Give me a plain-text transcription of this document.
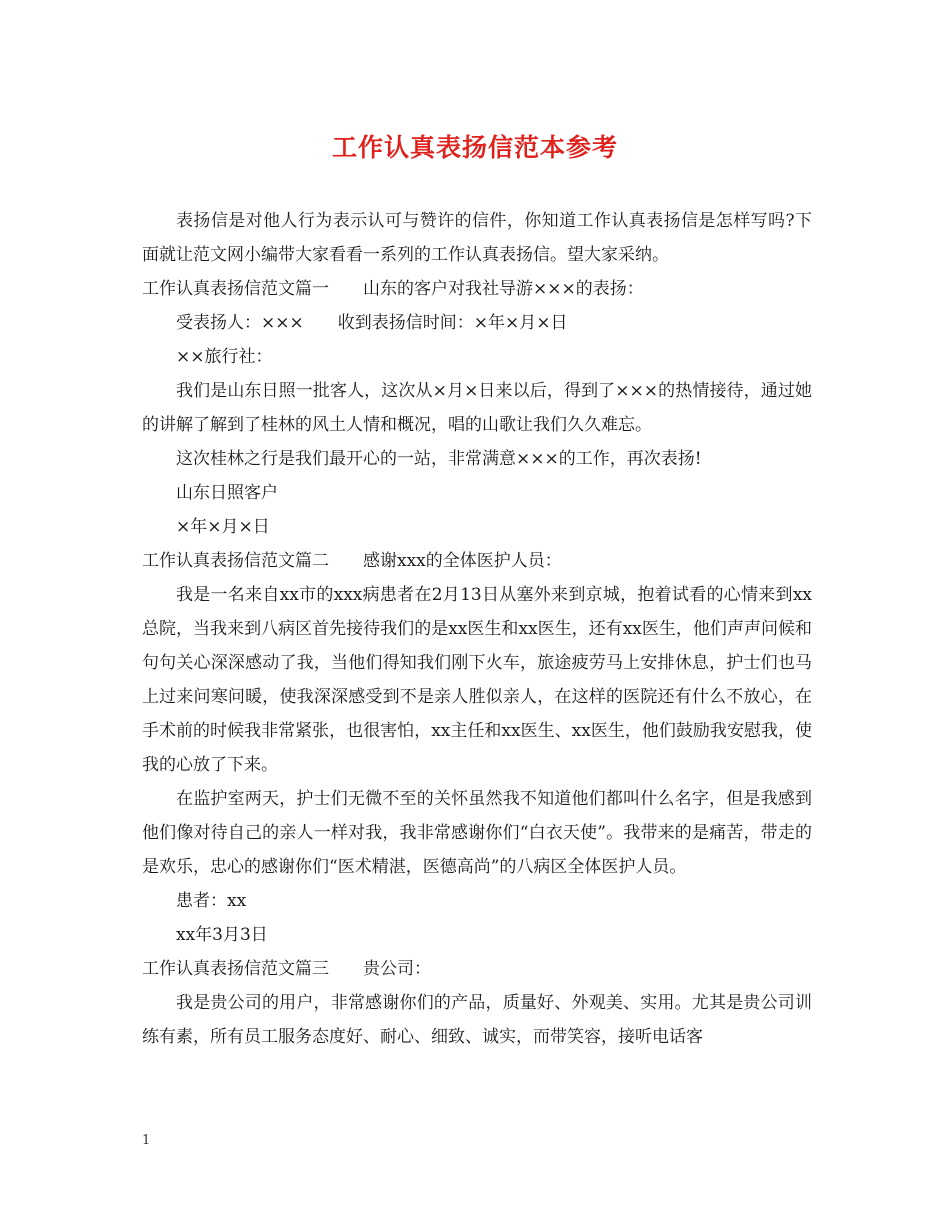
工作认真表扬信范本参考

表扬信是对他人行为表示认可与赞许的信件，你知道工作认真表扬信是怎样写吗?下面就让范文网小编带大家看看一系列的工作认真表扬信。望大家采纳。

工作认真表扬信范文篇一　　山东的客户对我社导游×××的表扬：

受表扬人：×××　　收到表扬信时间：×年×月×日

××旅行社：

我们是山东日照一批客人，这次从×月×日来以后，得到了×××的热情接待，通过她的讲解了解到了桂林的风土人情和概况，唱的山歌让我们久久难忘。

这次桂林之行是我们最开心的一站，非常满意×××的工作，再次表扬!

山东日照客户

×年×月×日

工作认真表扬信范文篇二　　感谢xxx的全体医护人员：

我是一名来自xx市的xxx病患者在2月13日从塞外来到京城，抱着试看的心情来到xx总院，当我来到八病区首先接待我们的是xx医生和xx医生，还有xx医生，他们声声问候和句句关心深深感动了我，当他们得知我们刚下火车，旅途疲劳马上安排休息，护士们也马上过来问寒问暖，使我深深感受到不是亲人胜似亲人，在这样的医院还有什么不放心，在手术前的时候我非常紧张，也很害怕，xx主任和xx医生、xx医生，他们鼓励我安慰我，使我的心放了下来。

在监护室两天，护士们无微不至的关怀虽然我不知道他们都叫什么名字，但是我感到他们像对待自己的亲人一样对我，我非常感谢你们“白衣天使”。我带来的是痛苦，带走的是欢乐，忠心的感谢你们“医术精湛，医德高尚”的八病区全体医护人员。

患者：xx

xx年3月3日

工作认真表扬信范文篇三　　贵公司：

我是贵公司的用户，非常感谢你们的产品，质量好、外观美、实用。尤其是贵公司训练有素，所有员工服务态度好、耐心、细致、诚实，而带笑容，接听电话客

1
